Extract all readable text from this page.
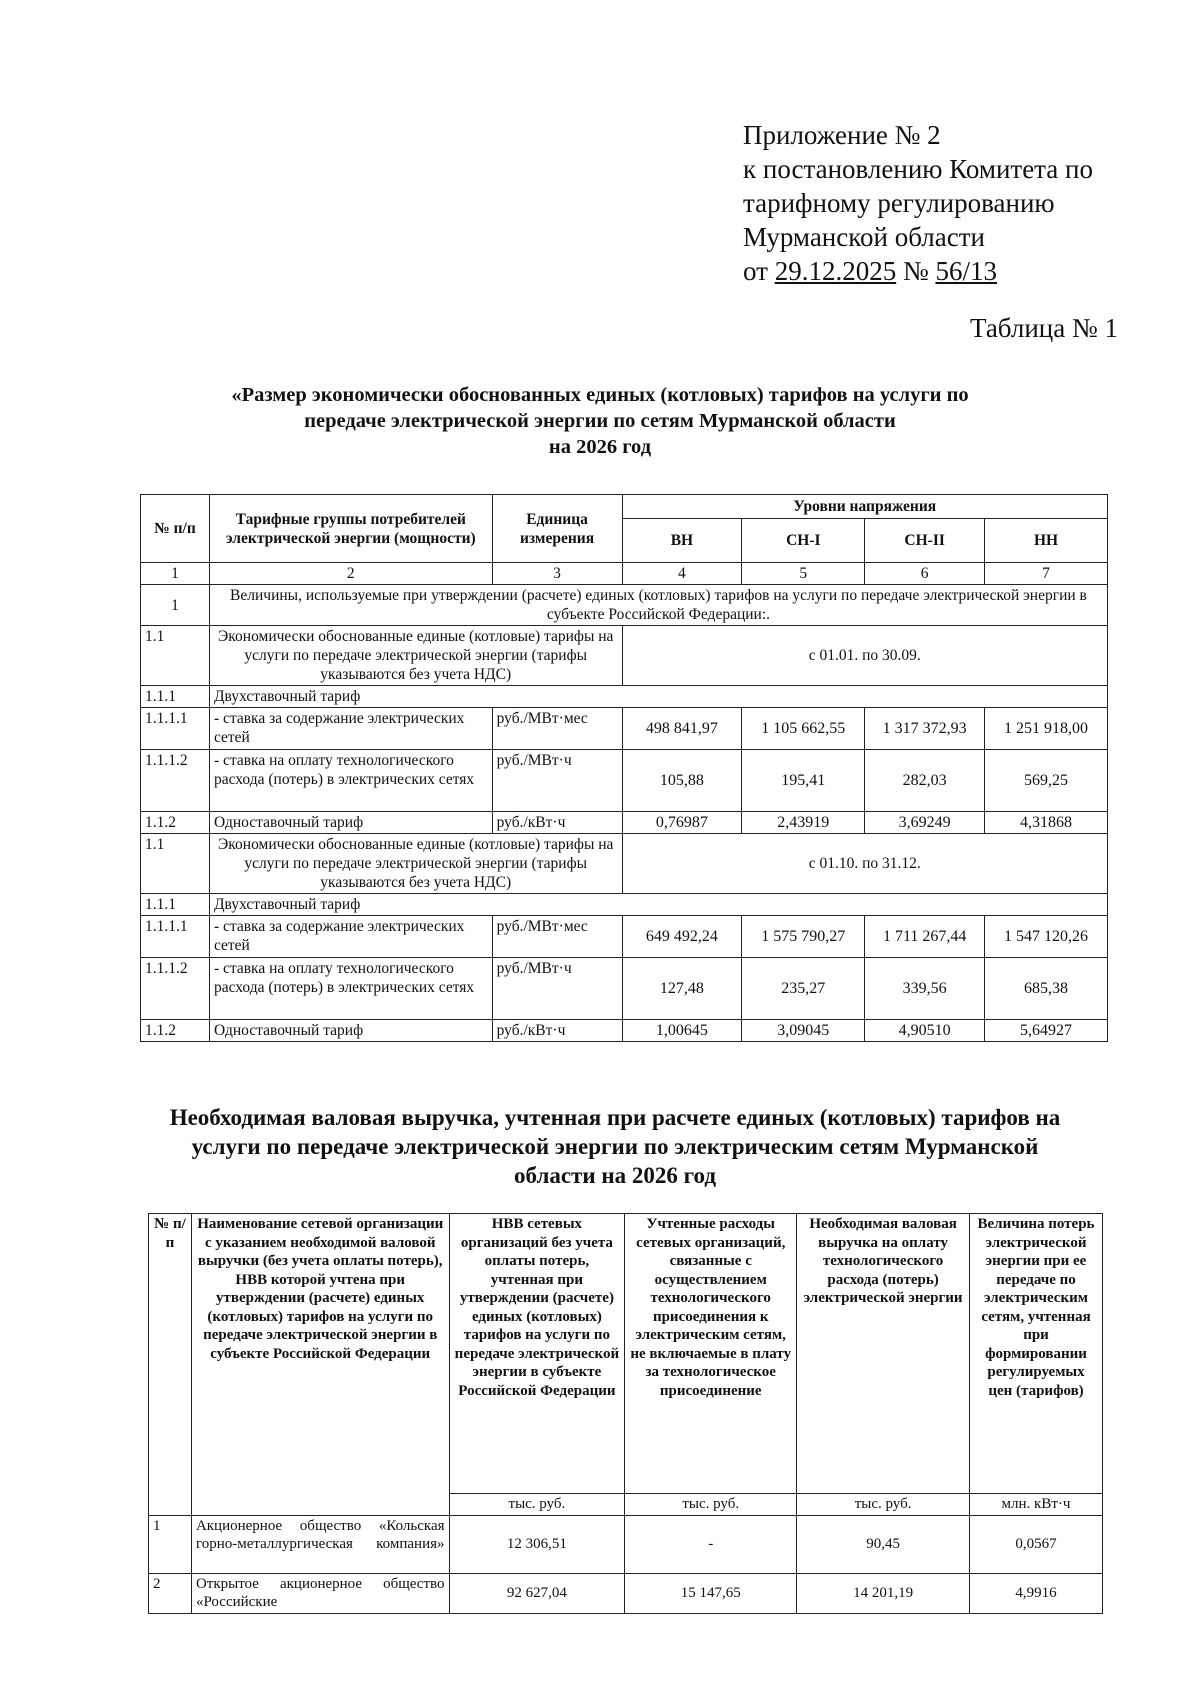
Приложение № 2
к постановлению Комитета по
тарифному регулированию
Мурманской области
от 29.12.2025 № 56/13
Таблица № 1
«Размер экономически обоснованных единых (котловых) тарифов на услуги по
передаче электрической энергии по сетям Мурманской области
на 2026 год
№ п/п	Тарифные группы потребителей электрической энергии (мощности)	Единица измерения	Уровни напряжения			
			ВН	СН-I	СН-II	НН
1	2	3	4	5	6	7
1	Величины, используемые при утверждении (расчете) единых (котловых) тарифов на услуги по передаче электрической энергии в субъекте Российской Федерации:.					
1.1	Экономически обоснованные единые (котловые) тарифы на услуги по передаче электрической энергии (тарифы указываются без учета НДС)		с 01.01. по 30.09.			
1.1.1	Двухставочный тариф					
1.1.1.1	- ставка за содержание электрических сетей	руб./МВт·мес	498 841,97	1 105 662,55	1 317 372,93	1 251 918,00
1.1.1.2	- ставка на оплату технологического расхода (потерь) в электрических сетях	руб./МВт·ч	105,88	195,41	282,03	569,25
1.1.2	Одноставочный тариф	руб./кВт·ч	0,76987	2,43919	3,69249	4,31868
1.1	Экономически обоснованные единые (котловые) тарифы на услуги по передаче электрической энергии (тарифы указываются без учета НДС)		с 01.10. по 31.12.			
1.1.1	Двухставочный тариф					
1.1.1.1	- ставка за содержание электрических сетей	руб./МВт·мес	649 492,24	1 575 790,27	1 711 267,44	1 547 120,26
1.1.1.2	- ставка на оплату технологического расхода (потерь) в электрических сетях	руб./МВт·ч	127,48	235,27	339,56	685,38
1.1.2	Одноставочный тариф	руб./кВт·ч	1,00645	3,09045	4,90510	5,64927
Необходимая валовая выручка, учтенная при расчете единых (котловых) тарифов на
услуги по передаче электрической энергии по электрическим сетям Мурманской
области на 2026 год
№ п/п	Наименование сетевой организации с указанием необходимой валовой выручки (без учета оплаты потерь), НВВ которой учтена при утверждении (расчете) единых (котловых) тарифов на услуги по передаче электрической энергии в субъекте Российской Федерации	НВВ сетевых организаций без учета оплаты потерь, учтенная при утверждении (расчете) единых (котловых) тарифов на услуги по передаче электрической энергии в субъекте Российской Федерации	Учтенные расходы сетевых организаций, связанные с осуществлением технологического присоединения к электрическим сетям, не включаемые в плату за технологическое присоединение	Необходимая валовая выручка на оплату технологического расхода (потерь) электрической энергии	Величина потерь электрической энергии при ее передаче по электрическим сетям, учтенная при формировании регулируемых цен (тарифов)
		тыс. руб.	тыс. руб.	тыс. руб.	млн. кВт·ч
1	Акционерное общество «Кольская горно-металлургическая компания»	12 306,51	-	90,45	0,0567
2	Открытое акционерное общество «Российские	92 627,04	15 147,65	14 201,19	4,9916
